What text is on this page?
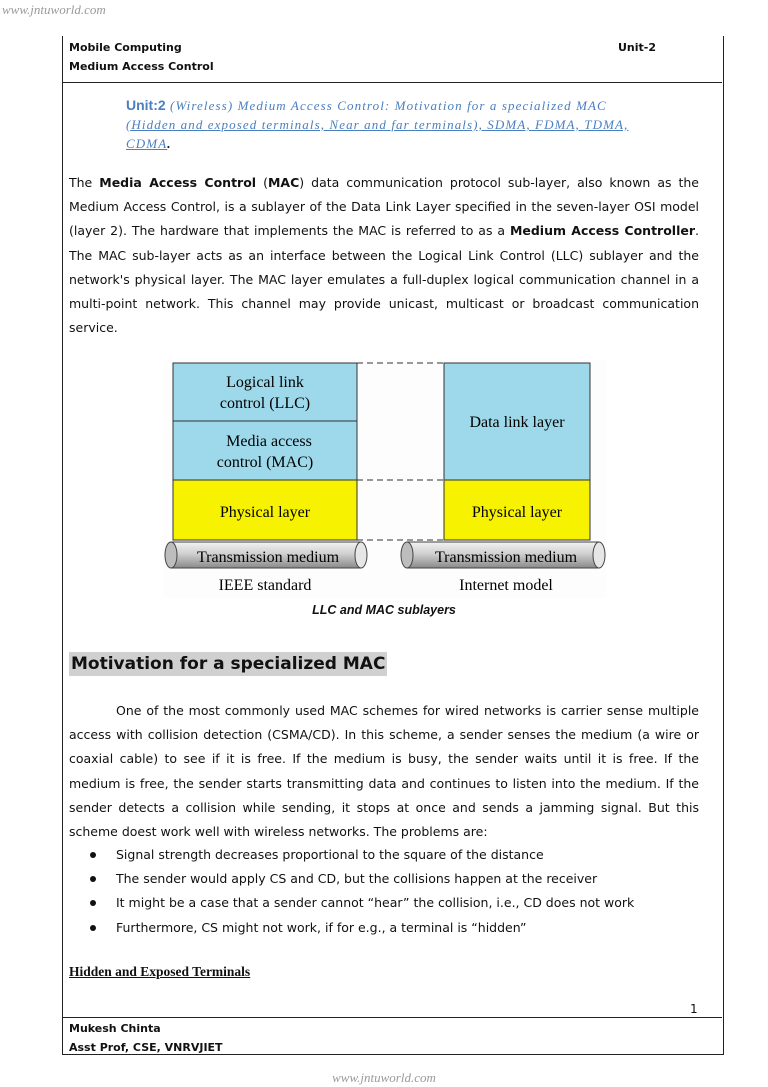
www.jntuworld.com
Mobile Computing
Medium Access Control
Unit-2
Unit:2 (Wireless) Medium Access Control: Motivation for a specialized MAC
(Hidden and exposed terminals, Near and far terminals), SDMA, FDMA, TDMA,
CDMA.
The Media Access Control (MAC) data communication protocol sub-layer, also known as the Medium Access Control, is a sublayer of the Data Link Layer specified in the seven-layer OSI model (layer 2). The hardware that implements the MAC is referred to as a Medium Access Controller. The MAC sub-layer acts as an interface between the Logical Link Control (LLC) sublayer and the network's physical layer. The MAC layer emulates a full-duplex logical communication channel in a multi-point network. This channel may provide unicast, multicast or broadcast communication service.
Logical link
control (LLC)
Media access
control (MAC)
Physical layer
Data link layer
Physical layer
Transmission medium	Transmission medium
IEEE standard	Internet model
LLC and MAC sublayers
Motivation for a specialized MAC
One of the most commonly used MAC schemes for wired networks is carrier sense multiple access with collision detection (CSMA/CD). In this scheme, a sender senses the medium (a wire or coaxial cable) to see if it is free. If the medium is busy, the sender waits until it is free. If the medium is free, the sender starts transmitting data and continues to listen into the medium. If the sender detects a collision while sending, it stops at once and sends a jamming signal. But this scheme doest work well with wireless networks. The problems are:
Signal strength decreases proportional to the square of the distance
The sender would apply CS and CD, but the collisions happen at the receiver
It might be a case that a sender cannot “hear” the collision, i.e., CD does not work
Furthermore, CS might not work, if for e.g., a terminal is “hidden”
Hidden and Exposed Terminals
1
Mukesh Chinta
Asst Prof, CSE, VNRVJIET
www.jntuworld.com
